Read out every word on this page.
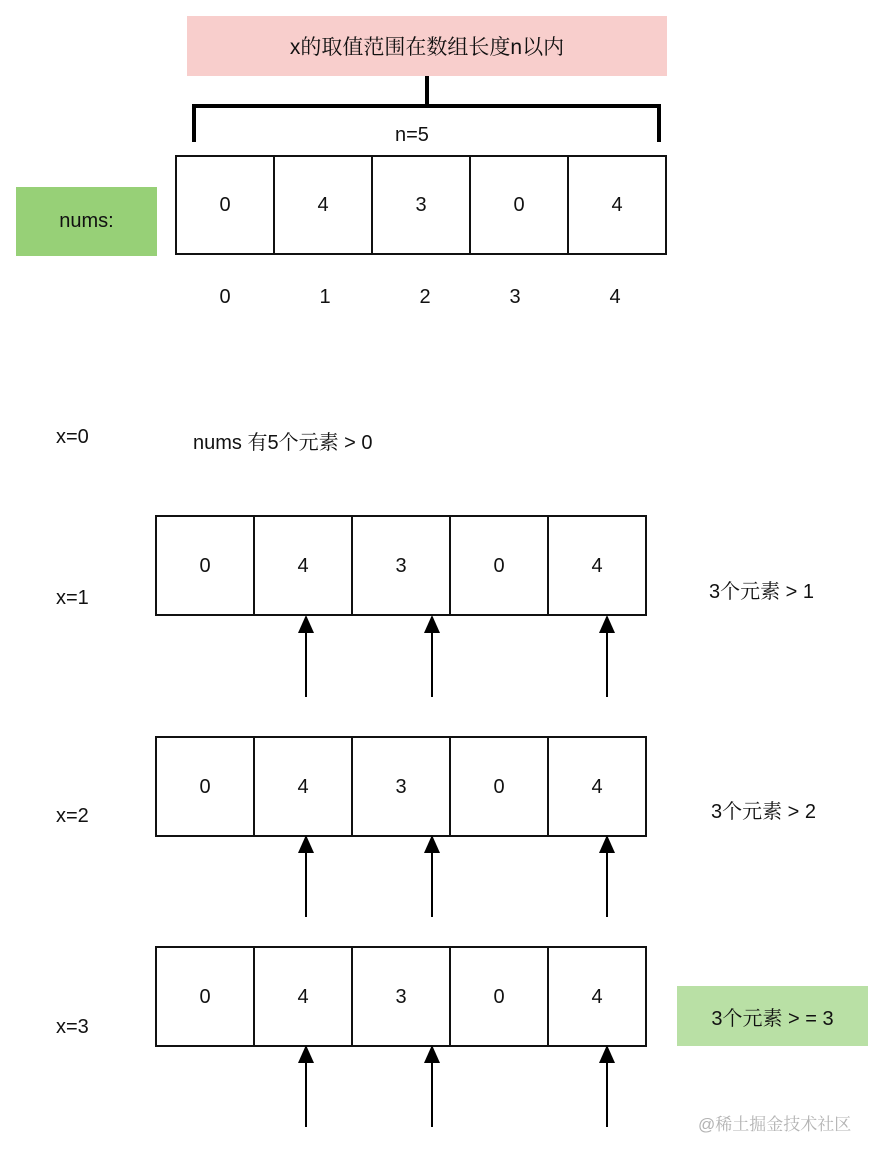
x的取值范围在数组长度n以内
n=5
nums:
0	4	3	0	4
0	1	2	3	4
x=0	nums 有5个元素 > 0
x=1
0	4	3	0	4
3个元素 > 1
x=2
0	4	3	0	4
3个元素 > 2
x=3
0	4	3	0	4
3个元素 > = 3
@稀土掘金技术社区
